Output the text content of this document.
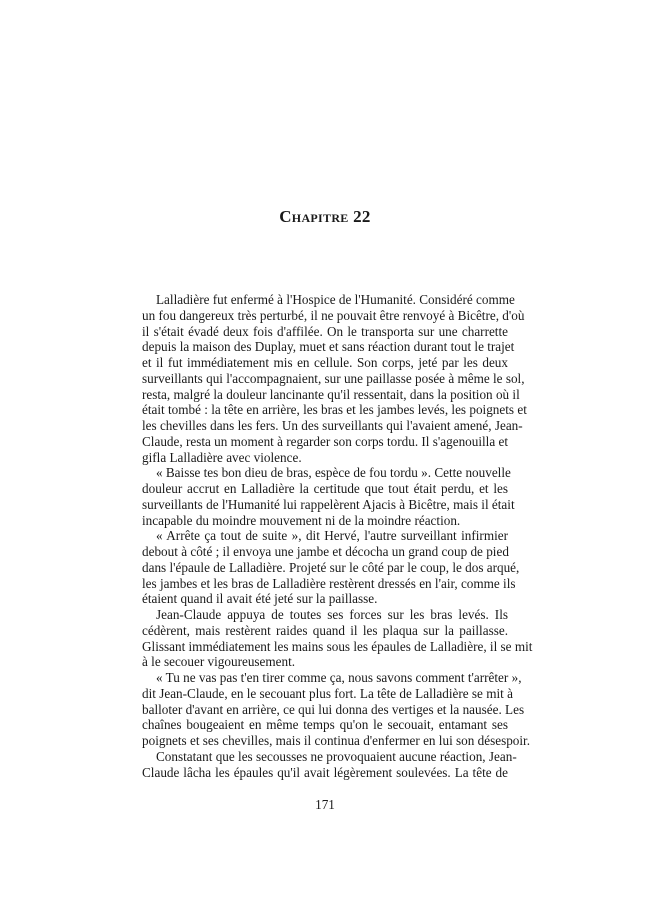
Chapitre 22
Lalladière fut enfermé à l'Hospice de l'Humanité. Considéré comme
un fou dangereux très perturbé, il ne pouvait être renvoyé à Bicêtre, d'où
il s'était évadé deux fois d'affilée. On le transporta sur une charrette
depuis la maison des Duplay, muet et sans réaction durant tout le trajet
et il fut immédiatement mis en cellule. Son corps, jeté par les deux
surveillants qui l'accompagnaient, sur une paillasse posée à même le sol,
resta, malgré la douleur lancinante qu'il ressentait, dans la position où il
était tombé : la tête en arrière, les bras et les jambes levés, les poignets et
les chevilles dans les fers. Un des surveillants qui l'avaient amené, Jean-
Claude, resta un moment à regarder son corps tordu. Il s'agenouilla et
gifla Lalladière avec violence.
« Baisse tes bon dieu de bras, espèce de fou tordu ». Cette nouvelle
douleur accrut en Lalladière la certitude que tout était perdu, et les
surveillants de l'Humanité lui rappelèrent Ajacis à Bicêtre, mais il était
incapable du moindre mouvement ni de la moindre réaction.
« Arrête ça tout de suite », dit Hervé, l'autre surveillant infirmier
debout à côté ; il envoya une jambe et décocha un grand coup de pied
dans l'épaule de Lalladière. Projeté sur le côté par le coup, le dos arqué,
les jambes et les bras de Lalladière restèrent dressés en l'air, comme ils
étaient quand il avait été jeté sur la paillasse.
Jean-Claude appuya de toutes ses forces sur les bras levés. Ils
cédèrent, mais restèrent raides quand il les plaqua sur la paillasse.
Glissant immédiatement les mains sous les épaules de Lalladière, il se mit
à le secouer vigoureusement.
« Tu ne vas pas t'en tirer comme ça, nous savons comment t'arrêter »,
dit Jean-Claude, en le secouant plus fort. La tête de Lalladière se mit à
balloter d'avant en arrière, ce qui lui donna des vertiges et la nausée. Les
chaînes bougeaient en même temps qu'on le secouait, entamant ses
poignets et ses chevilles, mais il continua d'enfermer en lui son désespoir.
Constatant que les secousses ne provoquaient aucune réaction, Jean-
Claude lâcha les épaules qu'il avait légèrement soulevées. La tête de
171
